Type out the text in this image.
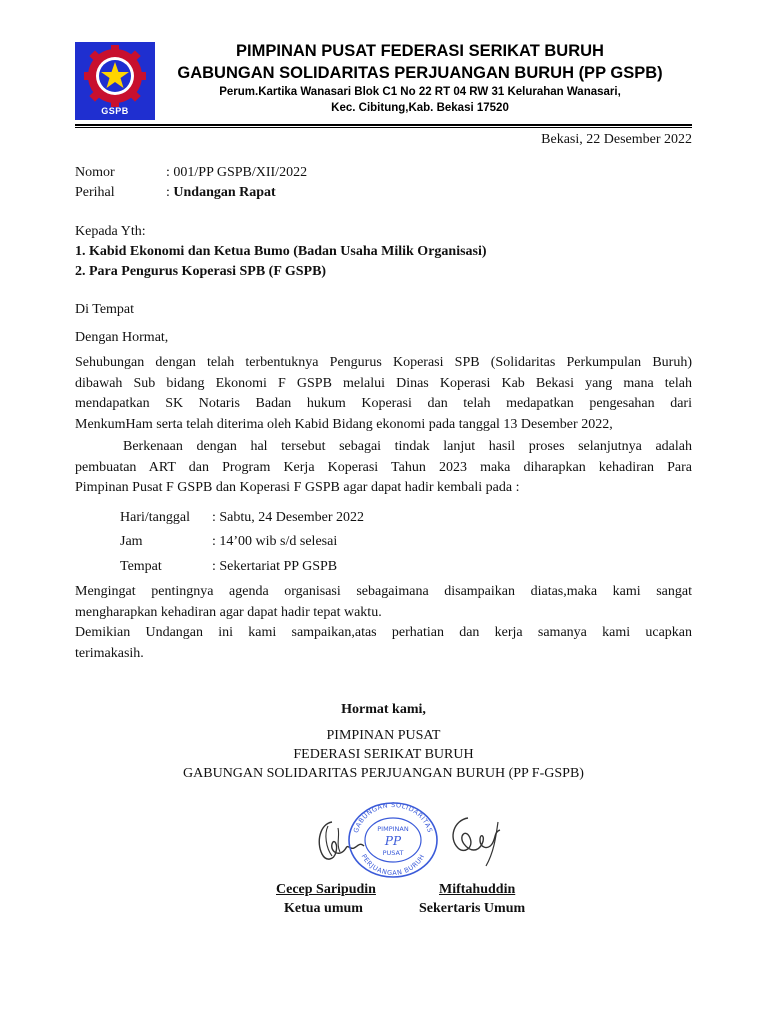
GSPB
PIMPINAN PUSAT FEDERASI SERIKAT BURUH
GABUNGAN SOLIDARITAS PERJUANGAN BURUH (PP GSPB)
Perum.Kartika Wanasari Blok C1 No 22 RT 04 RW 31 Kelurahan Wanasari,
Kec. Cibitung,Kab. Bekasi 17520
Bekasi, 22 Desember 2022
Nomor	: 001/PP GSPB/XII/2022
Perihal	: Undangan Rapat
Kepada Yth:
1. Kabid Ekonomi dan Ketua Bumo (Badan Usaha Milik Organisasi)
2. Para Pengurus Koperasi SPB (F GSPB)
Di Tempat
Dengan Hormat,
Sehubungan dengan telah terbentuknya Pengurus Koperasi SPB (Solidaritas Perkumpulan Buruh)
dibawah Sub bidang Ekonomi F GSPB melalui Dinas Koperasi Kab Bekasi yang mana telah
mendapatkan SK Notaris Badan hukum Koperasi dan telah medapatkan pengesahan dari
MenkumHam serta telah diterima oleh Kabid Bidang ekonomi pada tanggal 13 Desember 2022,
Berkenaan dengan hal tersebut sebagai tindak lanjut hasil proses selanjutnya adalah
pembuatan ART dan Program Kerja Koperasi Tahun 2023 maka diharapkan kehadiran Para
Pimpinan Pusat F GSPB dan Koperasi F GSPB agar dapat hadir kembali pada :
Hari/tanggal : Sabtu, 24 Desember 2022
Jam	: 14’00 wib s/d selesai
Tempat	: Sekertariat PP GSPB
Mengingat pentingnya agenda organisasi sebagaimana disampaikan diatas,maka kami sangat
mengharapkan kehadiran agar dapat hadir tepat waktu.
Demikian Undangan ini kami sampaikan,atas perhatian dan kerja samanya kami ucapkan
terimakasih.
Hormat kami,
PIMPINAN PUSAT
FEDERASI SERIKAT BURUH
GABUNGAN SOLIDARITAS PERJUANGAN BURUH (PP F-GSPB)
GABUNGAN SOLIDARITAS
PERJUANGAN BURUH
PIMPINAN
PP
PUSAT
Cecep Saripudin
Ketua umum
Miftahuddin
Sekertaris Umum
